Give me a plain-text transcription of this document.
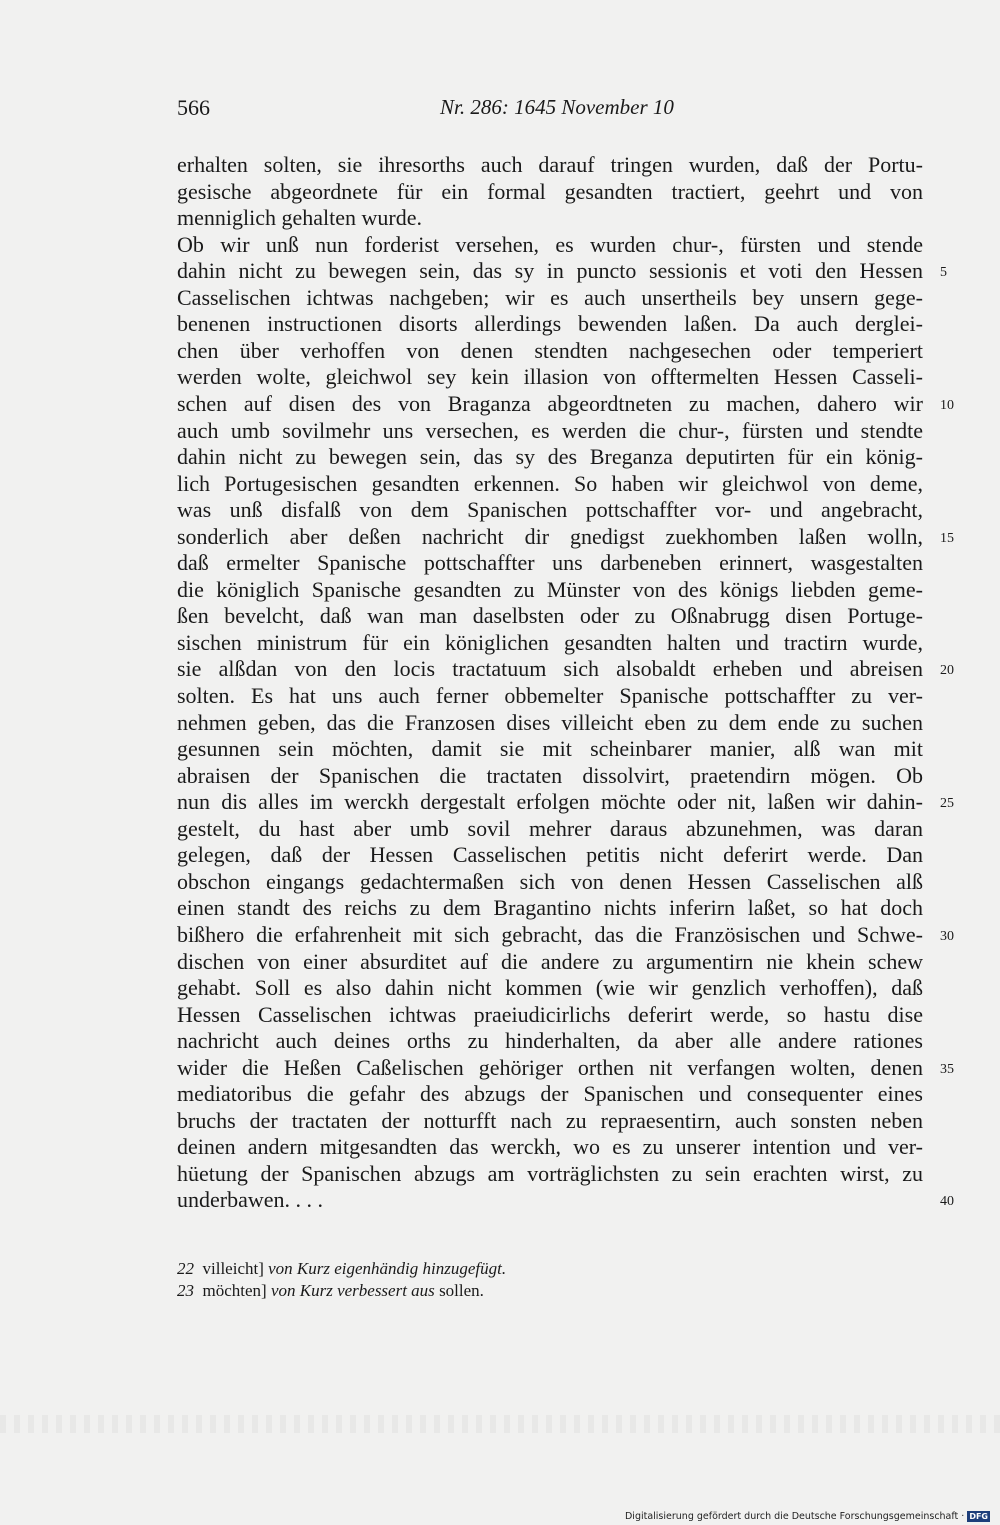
566	Nr. 286: 1645 November 10
erhalten solten, sie ihresorths auch darauf tringen wurden, daß der Portu-
gesische abgeordnete für ein formal gesandten tractiert, geehrt und von
menniglich gehalten wurde.
Ob wir unß nun forderist versehen, es wurden chur-, fürsten und stende
dahin nicht zu bewegen sein, das sy in puncto sessionis et voti den Hessen
Casselischen ichtwas nachgeben; wir es auch unsertheils bey unsern gege-
benenen instructionen disorts allerdings bewenden laßen. Da auch derglei-
chen über verhoffen von denen stendten nachgesechen oder temperiert
werden wolte, gleichwol sey kein illasion von offtermelten Hessen Casseli-
schen auf disen des von Braganza abgeordtneten zu machen, dahero wir
auch umb sovilmehr uns versechen, es werden die chur-, fürsten und stendte
dahin nicht zu bewegen sein, das sy des Breganza deputirten für ein könig-
lich Portugesischen gesandten erkennen. So haben wir gleichwol von deme,
was unß disfalß von dem Spanischen pottschaffter vor- und angebracht,
sonderlich aber deßen nachricht dir gnedigst zuekhomben laßen wolln,
daß ermelter Spanische pottschaffter uns darbeneben erinnert, wasgestalten
die königlich Spanische gesandten zu Münster von des königs liebden geme-
ßen bevelcht, daß wan man daselbsten oder zu Oßnabrugg disen Portuge-
sischen ministrum für ein königlichen gesandten halten und tractirn wurde,
sie alßdan von den locis tractatuum sich alsobaldt erheben und abreisen
solten. Es hat uns auch ferner obbemelter Spanische pottschaffter zu ver-
nehmen geben, das die Franzosen dises villeicht eben zu dem ende zu suchen
gesunnen sein möchten, damit sie mit scheinbarer manier, alß wan mit
abraisen der Spanischen die tractaten dissolvirt, praetendirn mögen. Ob
nun dis alles im werckh dergestalt erfolgen möchte oder nit, laßen wir dahin-
gestelt, du hast aber umb sovil mehrer daraus abzunehmen, was daran
gelegen, daß der Hessen Casselischen petitis nicht deferirt werde. Dan
obschon eingangs gedachtermaßen sich von denen Hessen Casselischen alß
einen standt des reichs zu dem Bragantino nichts inferirn laßet, so hat doch
bißhero die erfahrenheit mit sich gebracht, das die Französischen und Schwe-
dischen von einer absurditet auf die andere zu argumentirn nie khein schew
gehabt. Soll es also dahin nicht kommen (wie wir genzlich verhoffen), daß
Hessen Casselischen ichtwas praeiudicirlichs deferirt werde, so hastu dise
nachricht auch deines orths zu hinderhalten, da aber alle andere rationes
wider die Heßen Caßelischen gehöriger orthen nit verfangen wolten, denen
mediatoribus die gefahr des abzugs der Spanischen und consequenter eines
bruchs der tractaten der notturfft nach zu repraesentirn, auch sonsten neben
deinen andern mitgesandten das werckh, wo es zu unserer intention und ver-
hüetung der Spanischen abzugs am vorträglichsten zu sein erachten wirst, zu
underbawen. . . .
5
10
15
20
25
30
35
40
22 villeicht] von Kurz eigenhändig hinzugefügt.
23 möchten] von Kurz verbessert aus sollen.
Digitalisierung gefördert durch die Deutsche Forschungsgemeinschaft · DFG
